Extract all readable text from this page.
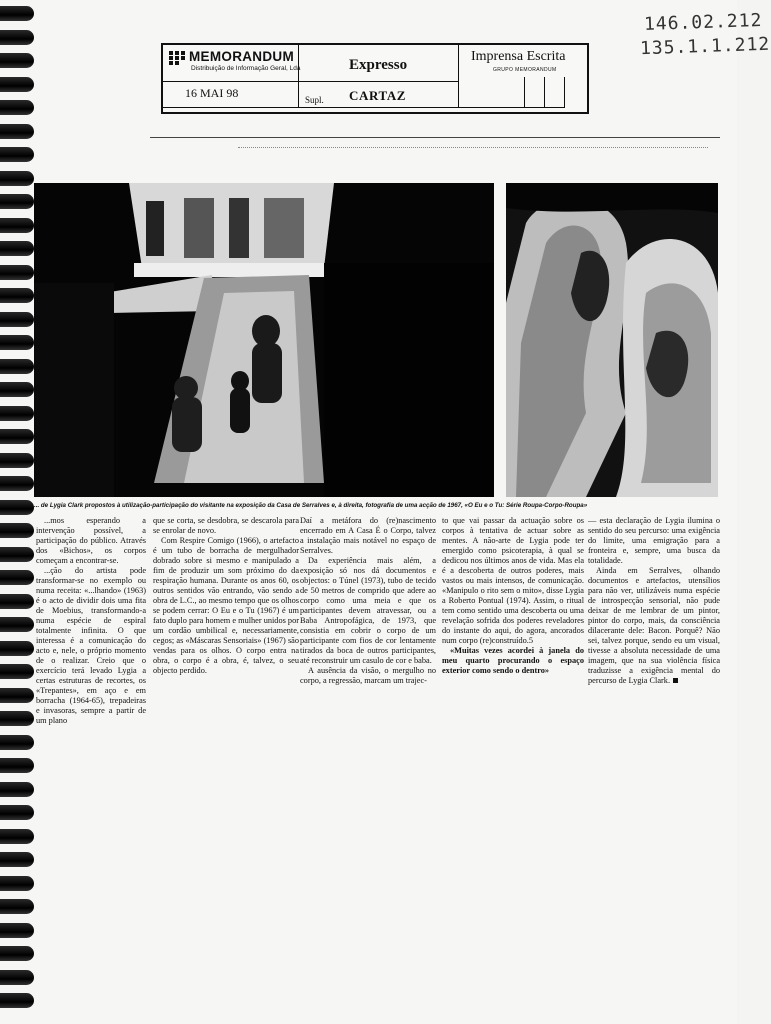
146.02.212
135.1.1.212
MEMORANDUM
Distribuição de Informação Geral, Lda	Expresso
Imprensa Escrita
GRUPO MEMORANDUM
16 MAI 98	Supl. CARTAZ
... de Lygia Clark propostos à utilização-participação do visitante na exposição da Casa de Serralves e, à direita, fotografia de uma acção de 1967, «O Eu e o Tu: Série Roupa-Corpo-Roupa»

...mos esperando a intervenção possível, a participação do público. Através dos «Bichos», os corpos começam a encontrar-se.

...ção do artista pode transformar-se no exemplo ou numa receita: «...lhando» (1963) é o acto de dividir dois uma fita de Moebius, transformando-a numa espécie de espiral totalmente infinita. O que interessa é a comunicação do acto e, nele, o próprio momento de o realizar. Creio que o exercício terá levado Lygia a certas estruturas de recortes, os «Trepantes», em aço e em borracha (1964-65), trepadeiras e invasoras, sempre a partir de um plano

que se corta, se desdobra, se descarola para se enrolar de novo.

Com Respire Comigo (1966), o artefacto é um tubo de borracha de mergulhador dobrado sobre si mesmo e manipulado a fim de produzir um som próximo do da respiração humana. Durante os anos 60, os outros sentidos vão entrando, vão sendo a obra de L.C., ao mesmo tempo que os olhos se podem cerrar: O Eu e o Tu (1967) é um fato duplo para homem e mulher unidos por um cordão umbilical e, necessariamente, cegos; as «Máscaras Sensoriais» (1967) são vendas para os olhos. O corpo entra na obra, o corpo é a obra, é, talvez, o seu objecto perdido.

Daí a metáfora do (re)nascimento encerrado em A Casa É o Corpo, talvez a instalação mais notável no espaço de Serralves.

Da experiência mais além, a exposição só nos dá documentos e objectos: o Túnel (1973), tubo de tecido de 50 metros de comprido que adere ao corpo como uma meia e que os participantes devem atravessar, ou a Baba Antropofágica, de 1973, que consistia em cobrir o corpo de um participante com fios de cor lentamente tirados da boca de outros participantes, até reconstruir um casulo de cor e baba.

A ausência da visão, o mergulho no corpo, a regressão, marcam um trajec-

to que vai passar da actuação sobre os corpos à tentativa de actuar sobre as mentes. A não-arte de Lygia pode ter emergido como psicoterapia, à qual se dedicou nos últimos anos de vida. Mas ela é a descoberta de outros poderes, mais vastos ou mais intensos, de comunicação. «Manipulo o rito sem o mito», disse Lygia a Roberto Pontual (1974). Assim, o ritual tem como sentido uma descoberta ou uma revelação sofrida dos poderes reveladores do instante do aqui, do agora, ancorados num corpo (re)construído.5

«Muitas vezes acordei à janela do meu quarto procurando o espaço exterior como sendo o dentro»

— esta declaração de Lygia ilumina o sentido do seu percurso: uma exigência do limite, uma emigração para a fronteira e, sempre, uma busca da totalidade.

Ainda em Serralves, olhando documentos e artefactos, utensílios para não ver, utilizáveis numa espécie de introspecção sensorial, não pude deixar de me lembrar de um pintor, pintor do corpo, mais, da consciência dilacerante dele: Bacon. Porquê? Não sei, talvez porque, sendo eu um visual, tivesse a absoluta necessidade de uma imagem, que na sua violência física traduzisse a exigência mental do percurso de Lygia Clark.
